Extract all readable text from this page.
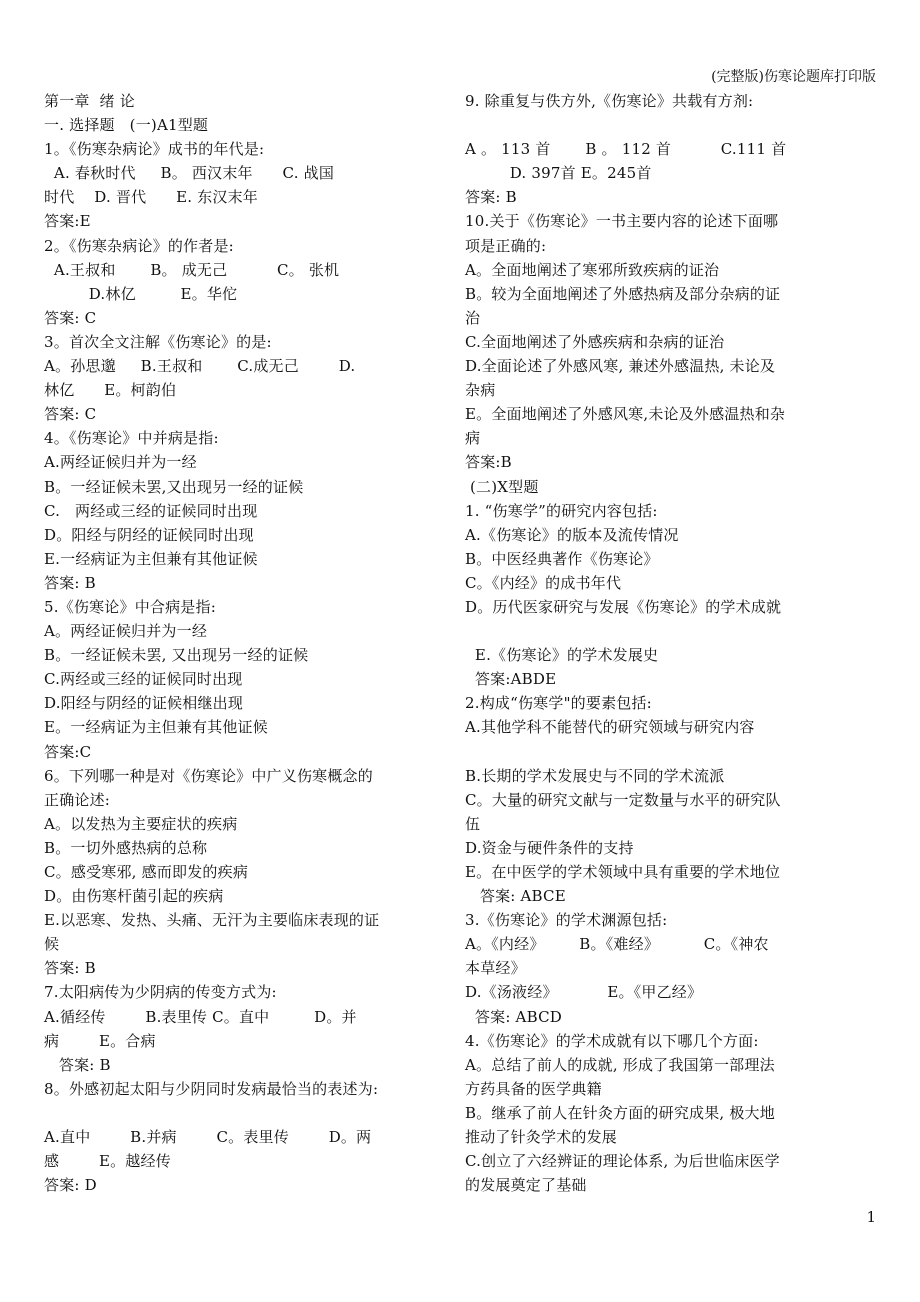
(完整版)伤寒论题库打印版
第一章  绪 论
一. 选择题   (一)A1型题
1。《伤寒杂病论》成书的年代是:
A. 春秋时代     B。 西汉末年      C. 战国
时代    D. 晋代      E. 东汉末年
答案:E
2。《伤寒杂病论》的作者是:
A.王叔和       B。 成无己          C。 张机
D.林亿         E。华佗
答案: C
3。首次全文注解《伤寒论》的是:
A。孙思邈     B.王叔和       C.成无己        D.
林亿      E。柯韵伯
答案: C
4。《伤寒论》中并病是指:
A.两经证候归并为一经
B。一经证候未罢,又出现另一经的证候
C.   两经或三经的证候同时出现
D。阳经与阴经的证候同时出现
E.一经病证为主但兼有其他证候
答案: B
5.《伤寒论》中合病是指:
A。两经证候归并为一经
B。一经证候未罢, 又出现另一经的证候
C.两经或三经的证候同时出现
D.阳经与阴经的证候相继出现
E。一经病证为主但兼有其他证候
答案:C
6。下列哪一种是对《伤寒论》中广义伤寒概念的
正确论述:
A。以发热为主要症状的疾病
B。一切外感热病的总称
C。感受寒邪, 感而即发的疾病
D。由伤寒杆菌引起的疾病
E.以恶寒、发热、头痛、无汗为主要临床表现的证
候
答案: B
7.太阳病传为少阴病的传变方式为:
A.循经传        B.表里传 C。直中         D。并
病        E。合病
答案: B
8。外感初起太阳与少阴同时发病最恰当的表述为:
A.直中        B.并病        C。表里传        D。两
感        E。越经传
答案: D
9. 除重复与佚方外,《伤寒论》共载有方剂:
A 。 113 首       B 。 112 首          C.111 首
D. 397首 E。245首
答案: B
10.关于《伤寒论》一书主要内容的论述下面哪
项是正确的:
A。全面地阐述了寒邪所致疾病的证治
B。较为全面地阐述了外感热病及部分杂病的证
治
C.全面地阐述了外感疾病和杂病的证治
D.全面论述了外感风寒, 兼述外感温热, 未论及
杂病
E。全面地阐述了外感风寒,未论及外感温热和杂
病
答案:B
(二)X型题
1. “伤寒学”的研究内容包括:
A.《伤寒论》的版本及流传情况
B。中医经典著作《伤寒论》
C。《内经》的成书年代
D。历代医家研究与发展《伤寒论》的学术成就
E.《伤寒论》的学术发展史
答案:ABDE
2.构成“伤寒学"的要素包括:
A.其他学科不能替代的研究领域与研究内容
B.长期的学术发展史与不同的学术流派
C。大量的研究文献与一定数量与水平的研究队
伍
D.资金与硬件条件的支持
E。在中医学的学术领域中具有重要的学术地位
答案: ABCE
3.《伤寒论》的学术渊源包括:
A。《内经》       B。《难经》         C。《神农
本草经》
D.《汤液经》          E。《甲乙经》
答案: ABCD
4.《伤寒论》的学术成就有以下哪几个方面:
A。总结了前人的成就, 形成了我国第一部理法
方药具备的医学典籍
B。继承了前人在针灸方面的研究成果, 极大地
推动了针灸学术的发展
C.创立了六经辨证的理论体系, 为后世临床医学
的发展奠定了基础
1
